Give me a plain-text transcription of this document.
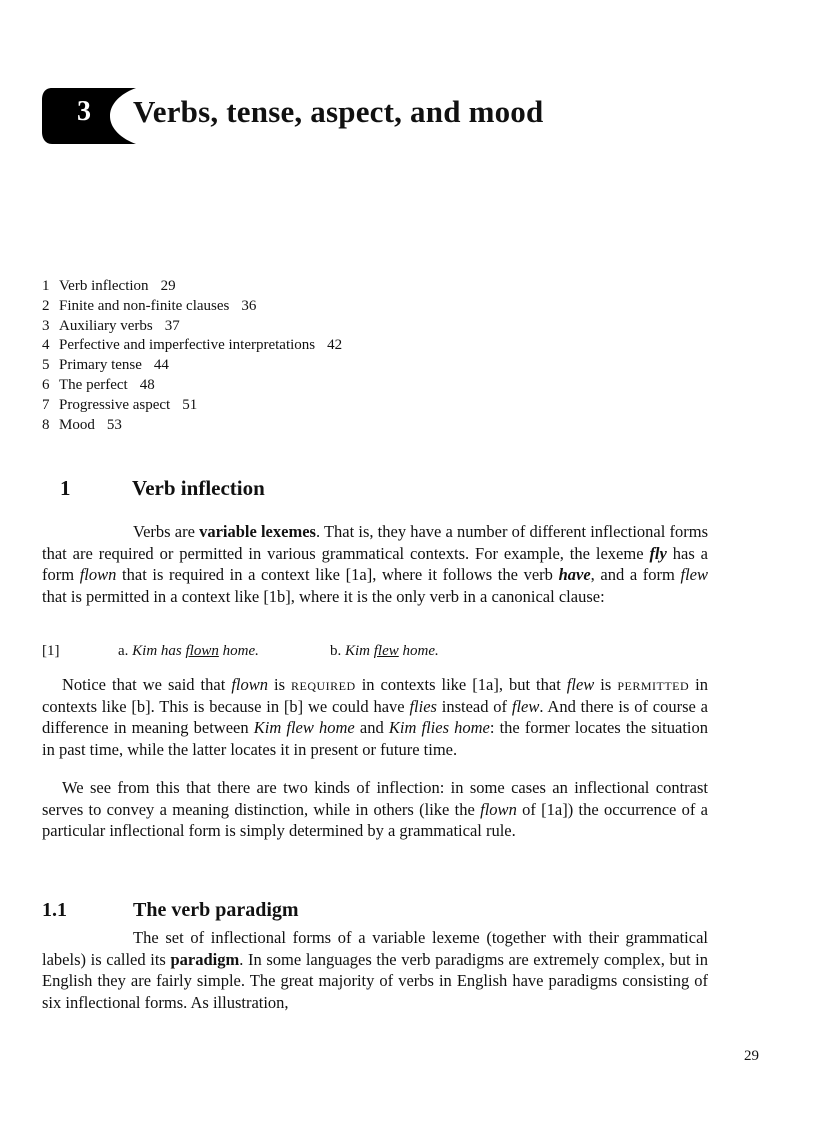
3 Verbs, tense, aspect, and mood
1 Verb inflection 29
2 Finite and non-finite clauses 36
3 Auxiliary verbs 37
4 Perfective and imperfective interpretations 42
5 Primary tense 44
6 The perfect 48
7 Progressive aspect 51
8 Mood 53
1	Verb inflection

Verbs are variable lexemes. That is, they have a number of different inflectional forms that are required or permitted in various grammatical contexts. For example, the lexeme fly has a form flown that is required in a context like [1a], where it follows the verb have, and a form flew that is permitted in a context like [1b], where it is the only verb in a canonical clause:

[1]	a. Kim has flown home.	b. Kim flew home.

Notice that we said that flown is required in contexts like [1a], but that flew is permitted in contexts like [b]. This is because in [b] we could have flies instead of flew. And there is of course a difference in meaning between Kim flew home and Kim flies home: the former locates the situation in past time, while the latter locates it in present or future time.

We see from this that there are two kinds of inflection: in some cases an inflectional contrast serves to convey a meaning distinction, while in others (like the flown of [1a]) the occurrence of a particular inflectional form is simply determined by a grammatical rule.

1.1	The verb paradigm

The set of inflectional forms of a variable lexeme (together with their grammatical labels) is called its paradigm. In some languages the verb paradigms are extremely complex, but in English they are fairly simple. The great majority of verbs in English have paradigms consisting of six inflectional forms. As illustration,

29
